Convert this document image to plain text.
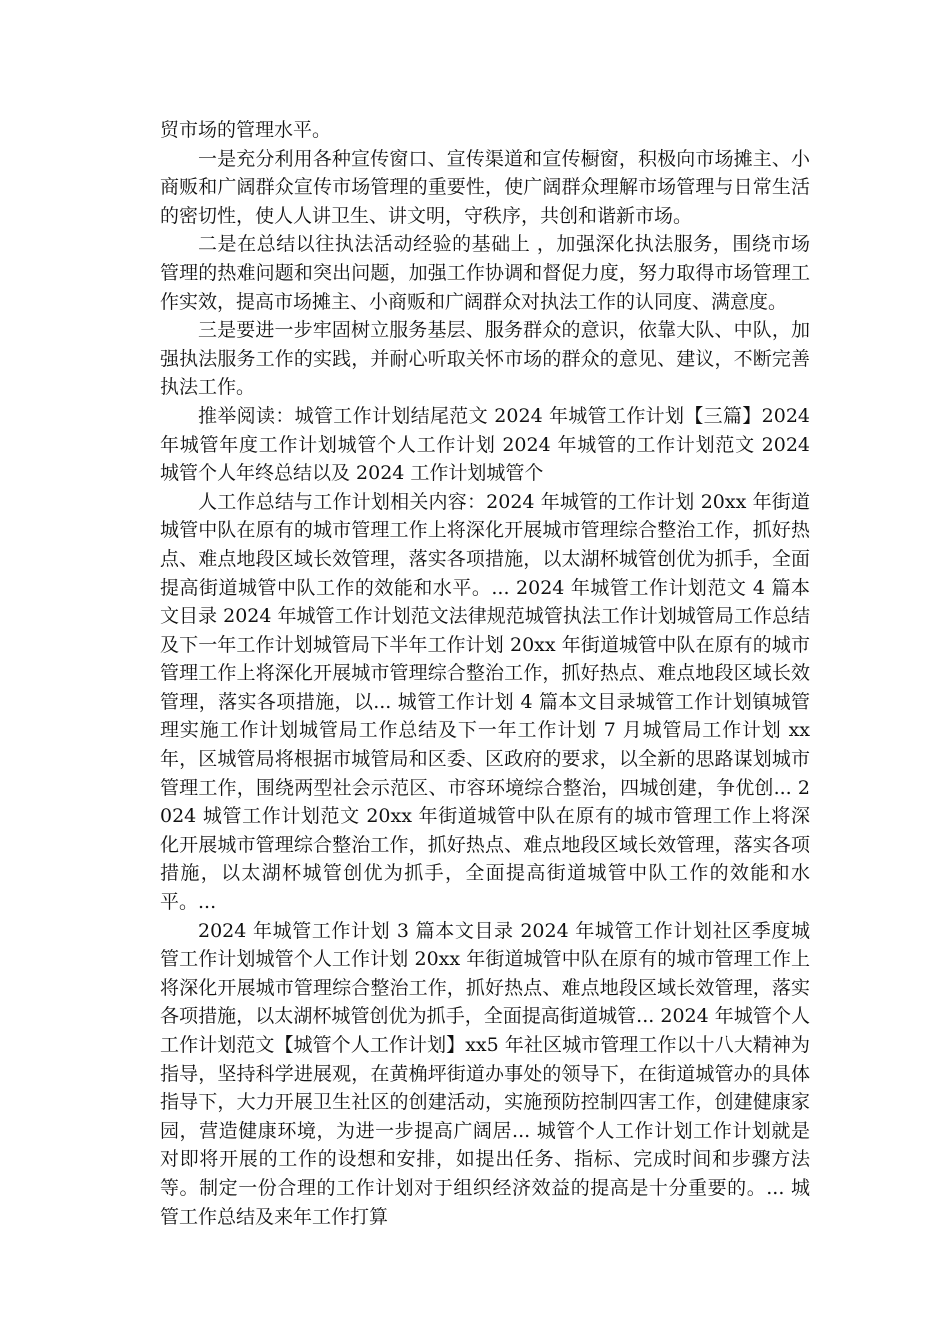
贸市场的管理水平。

一是充分利用各种宣传窗口、宣传渠道和宣传橱窗，积极向市场摊主、小商贩和广阔群众宣传市场管理的重要性，使广阔群众理解市场管理与日常生活的密切性，使人人讲卫生、讲文明，守秩序，共创和谐新市场。

二是在总结以往执法活动经验的基础上 ，加强深化执法服务，围绕市场管理的热难问题和突出问题，加强工作协调和督促力度，努力取得市场管理工作实效，提高市场摊主、小商贩和广阔群众对执法工作的认同度、满意度。

三是要进一步牢固树立服务基层、服务群众的意识，依靠大队、中队，加强执法服务工作的实践，并耐心听取关怀市场的群众的意见、建议，不断完善执法工作。

推举阅读：城管工作计划结尾范文 2024 年城管工作计划【三篇】2024 年城管年度工作计划城管个人工作计划 2024 年城管的工作计划范文 2024 城管个人年终总结以及 2024 工作计划城管个

人工作总结与工作计划相关内容：2024 年城管的工作计划 20xx 年街道城管中队在原有的城市管理工作上将深化开展城市管理综合整治工作，抓好热点、难点地段区域长效管理，落实各项措施，以太湖杯城管创优为抓手，全面提高街道城管中队工作的效能和水平。... 2024 年城管工作计划范文 4 篇本文目录 2024 年城管工作计划范文法律规范城管执法工作计划城管局工作总结及下一年工作计划城管局下半年工作计划 20xx 年街道城管中队在原有的城市管理工作上将深化开展城市管理综合整治工作，抓好热点、难点地段区域长效管理，落实各项措施，以... 城管工作计划 4 篇本文目录城管工作计划镇城管理实施工作计划城管局工作总结及下一年工作计划 7 月城管局工作计划 xx 年，区城管局将根据市城管局和区委、区政府的要求，以全新的思路谋划城市管理工作，围绕两型社会示范区、市容环境综合整治，四城创建，争优创... 2024 城管工作计划范文 20xx 年街道城管中队在原有的城市管理工作上将深化开展城市管理综合整治工作，抓好热点、难点地段区域长效管理，落实各项措施，以太湖杯城管创优为抓手，全面提高街道城管中队工作的效能和水平。...

2024 年城管工作计划 3 篇本文目录 2024 年城管工作计划社区季度城管工作计划城管个人工作计划 20xx 年街道城管中队在原有的城市管理工作上将深化开展城市管理综合整治工作，抓好热点、难点地段区域长效管理，落实各项措施，以太湖杯城管创优为抓手，全面提高街道城管... 2024 年城管个人工作计划范文【城管个人工作计划】xx5 年社区城市管理工作以十八大精神为指导，坚持科学进展观，在黄桷坪街道办事处的领导下，在街道城管办的具体指导下，大力开展卫生社区的创建活动，实施预防控制四害工作，创建健康家园，营造健康环境，为进一步提高广阔居... 城管个人工作计划工作计划就是对即将开展的工作的设想和安排，如提出任务、指标、完成时间和步骤方法等。制定一份合理的工作计划对于组织经济效益的提高是十分重要的。... 城管工作总结及来年工作打算
